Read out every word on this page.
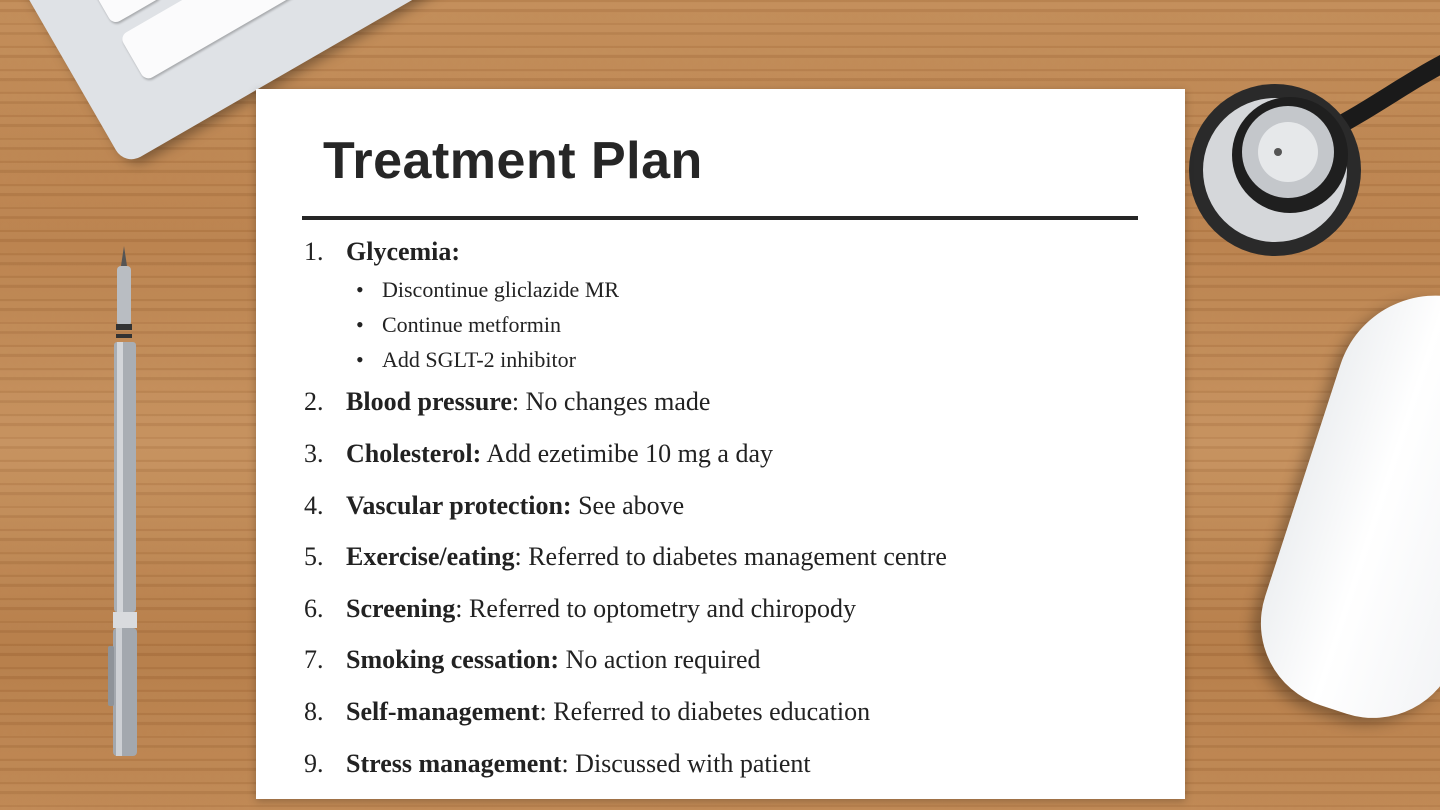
Treatment Plan
1. Glycemia:
• Discontinue gliclazide MR
• Continue metformin
• Add SGLT-2 inhibitor
2. Blood pressure: No changes made
3. Cholesterol: Add ezetimibe 10 mg a day
4. Vascular protection: See above
5. Exercise/eating: Referred to diabetes management centre
6. Screening: Referred to optometry and chiropody
7. Smoking cessation: No action required
8. Self-management: Referred to diabetes education
9. Stress management: Discussed with patient
